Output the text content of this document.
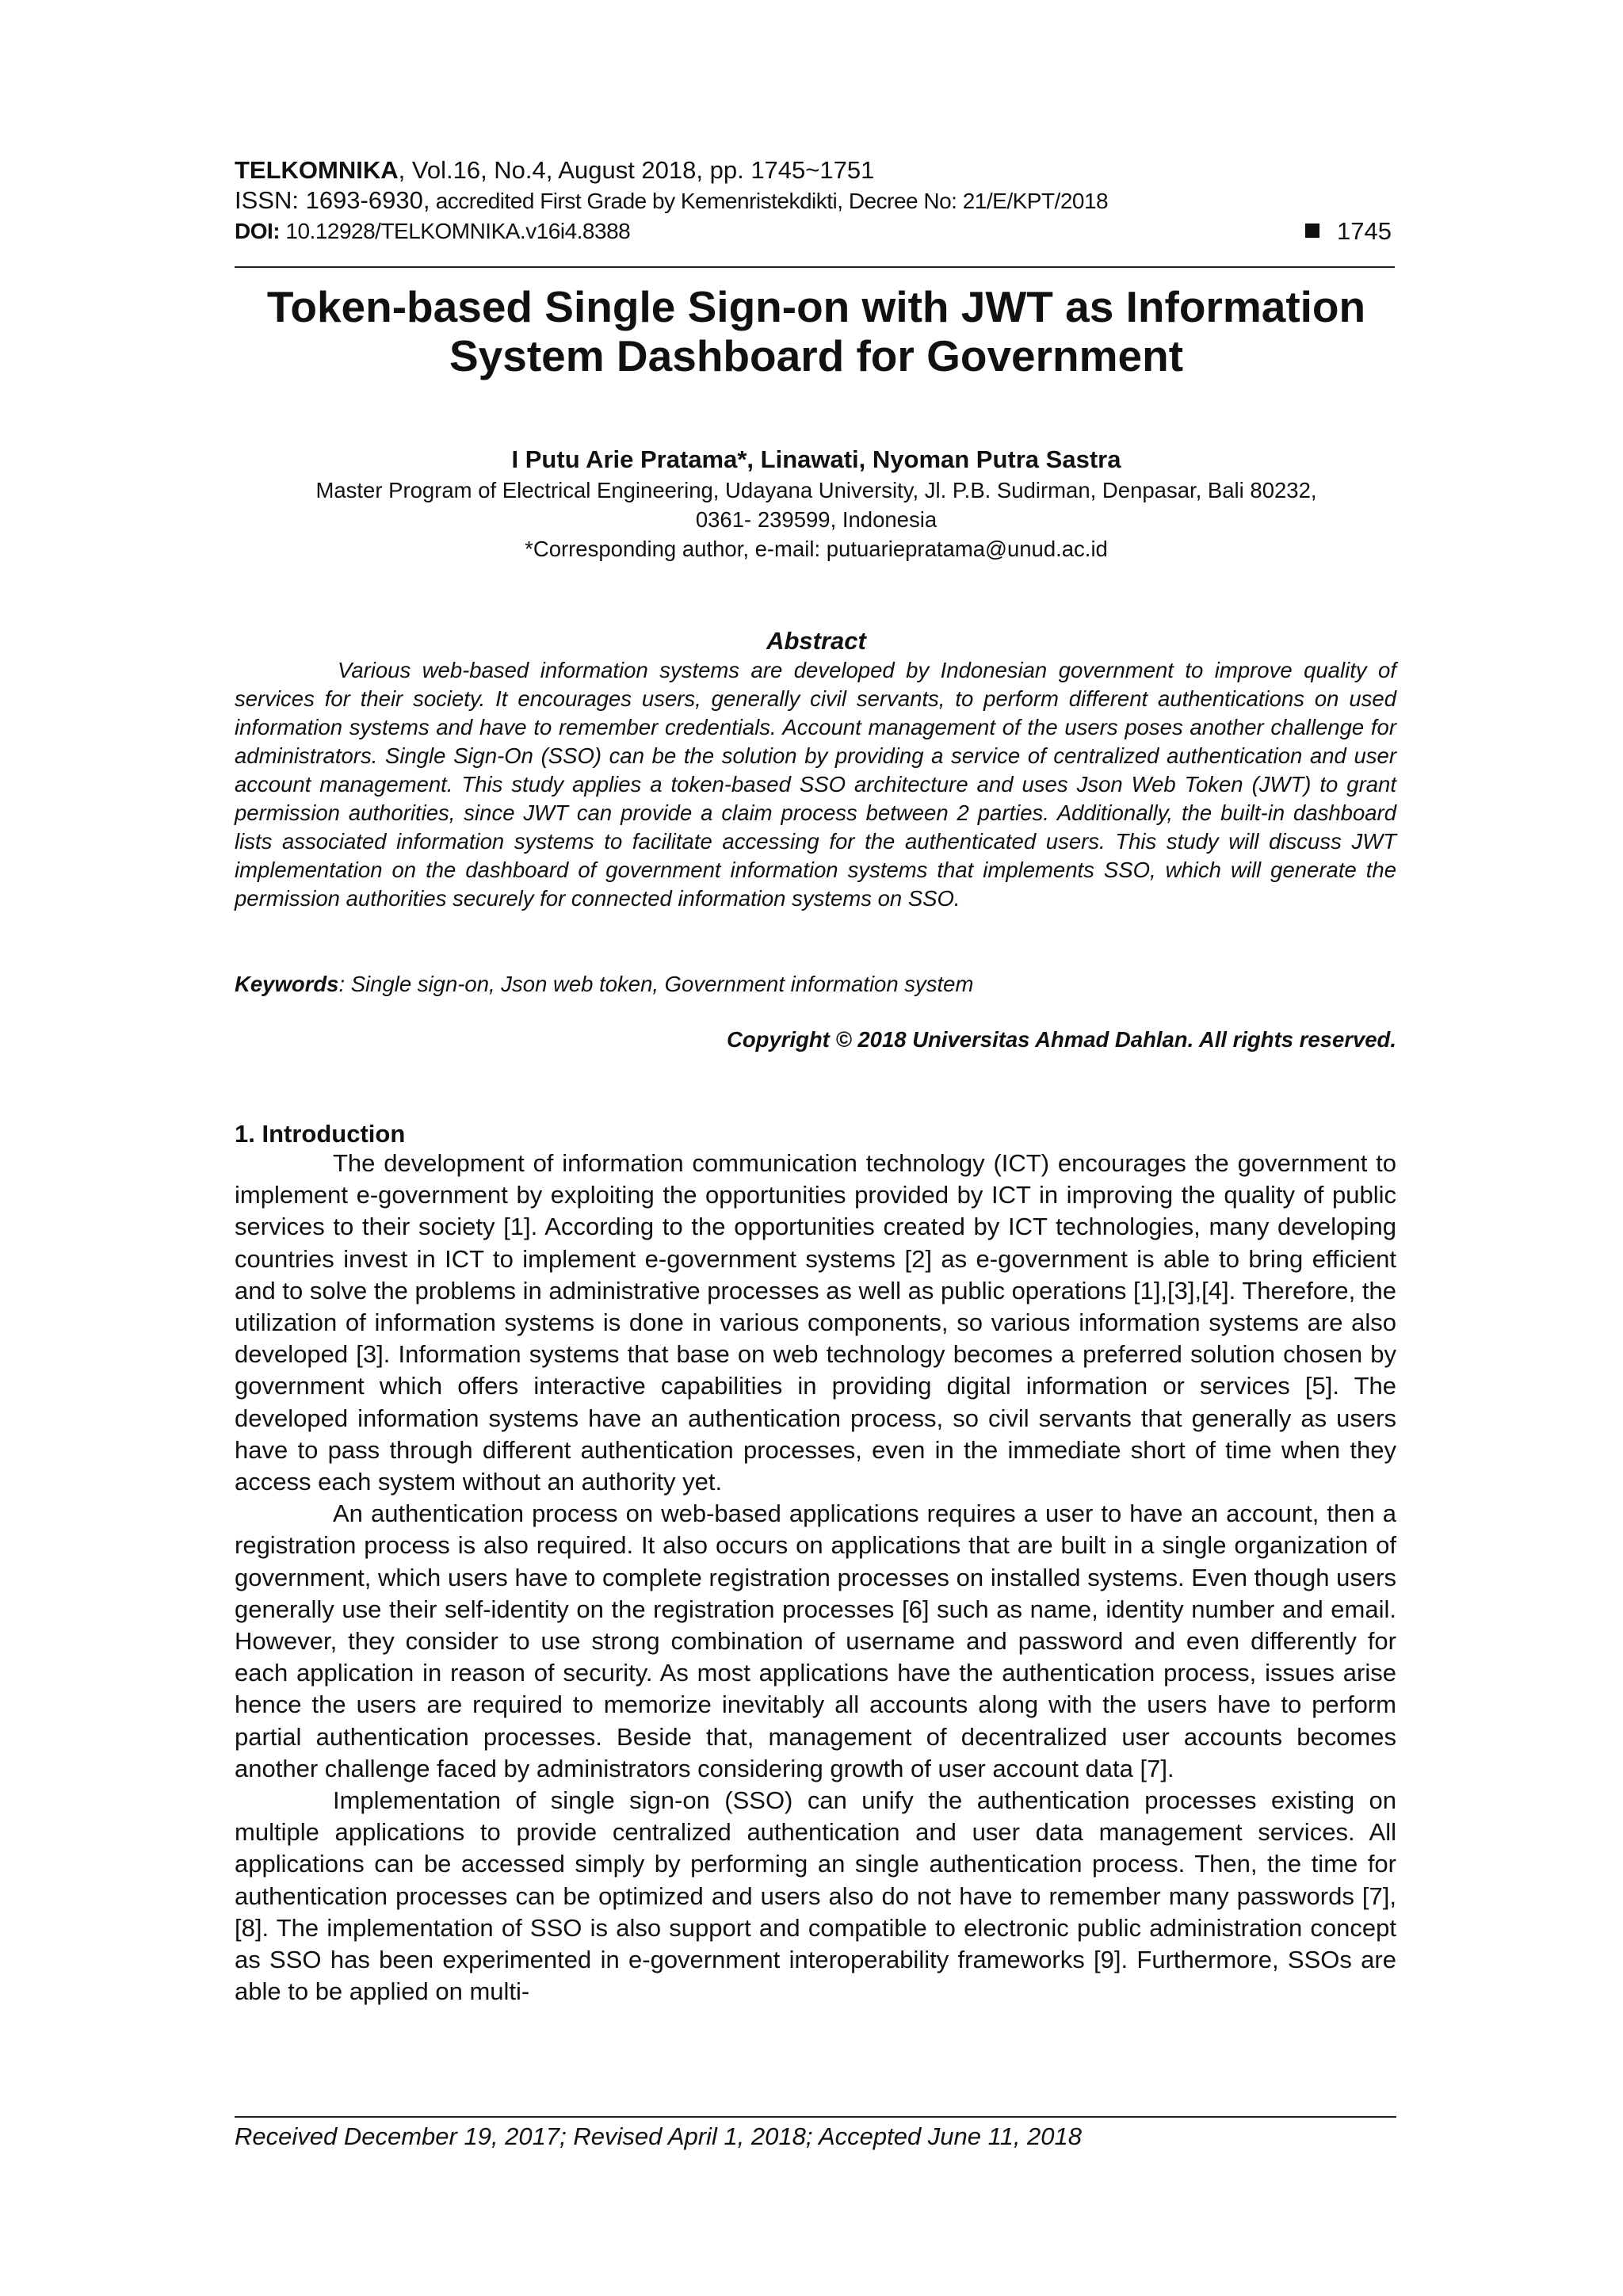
TELKOMNIKA, Vol.16, No.4, August 2018, pp. 1745~1751
ISSN: 1693-6930, accredited First Grade by Kemenristekdikti, Decree No: 21/E/KPT/2018
DOI: 10.12928/TELKOMNIKA.v16i4.8388	1745
Token-based Single Sign-on with JWT as Information System Dashboard for Government
I Putu Arie Pratama*, Linawati, Nyoman Putra Sastra
Master Program of Electrical Engineering, Udayana University, Jl. P.B. Sudirman, Denpasar, Bali 80232,
0361- 239599, Indonesia
*Corresponding author, e-mail: putuariepratama@unud.ac.id
Abstract
Various web-based information systems are developed by Indonesian government to improve quality of services for their society. It encourages users, generally civil servants, to perform different authentications on used information systems and have to remember credentials. Account management of the users poses another challenge for administrators. Single Sign-On (SSO) can be the solution by providing a service of centralized authentication and user account management. This study applies a token-based SSO architecture and uses Json Web Token (JWT) to grant permission authorities, since JWT can provide a claim process between 2 parties. Additionally, the built-in dashboard lists associated information systems to facilitate accessing for the authenticated users. This study will discuss JWT implementation on the dashboard of government information systems that implements SSO, which will generate the permission authorities securely for connected information systems on SSO.
Keywords: Single sign-on, Json web token, Government information system
Copyright © 2018 Universitas Ahmad Dahlan. All rights reserved.
1. Introduction

The development of information communication technology (ICT) encourages the government to implement e-government by exploiting the opportunities provided by ICT in improving the quality of public services to their society [1]. According to the opportunities created by ICT technologies, many developing countries invest in ICT to implement e-government systems [2] as e-government is able to bring efficient and to solve the problems in administrative processes as well as public operations [1],[3],[4]. Therefore, the utilization of information systems is done in various components, so various information systems are also developed [3]. Information systems that base on web technology becomes a preferred solution chosen by government which offers interactive capabilities in providing digital information or services [5]. The developed information systems have an authentication process, so civil servants that generally as users have to pass through different authentication processes, even in the immediate short of time when they access each system without an authority yet.

An authentication process on web-based applications requires a user to have an account, then a registration process is also required. It also occurs on applications that are built in a single organization of government, which users have to complete registration processes on installed systems. Even though users generally use their self-identity on the registration processes [6] such as name, identity number and email. However, they consider to use strong combination of username and password and even differently for each application in reason of security. As most applications have the authentication process, issues arise hence the users are required to memorize inevitably all accounts along with the users have to perform partial authentication processes. Beside that, management of decentralized user accounts becomes another challenge faced by administrators considering growth of user account data [7].

Implementation of single sign-on (SSO) can unify the authentication processes existing on multiple applications to provide centralized authentication and user data management services. All applications can be accessed simply by performing an single authentication process. Then, the time for authentication processes can be optimized and users also do not have to remember many passwords [7], [8]. The implementation of SSO is also support and compatible to electronic public administration concept as SSO has been experimented in e-government interoperability frameworks [9]. Furthermore, SSOs are able to be applied on multi-

Received December 19, 2017; Revised April 1, 2018; Accepted June 11, 2018
